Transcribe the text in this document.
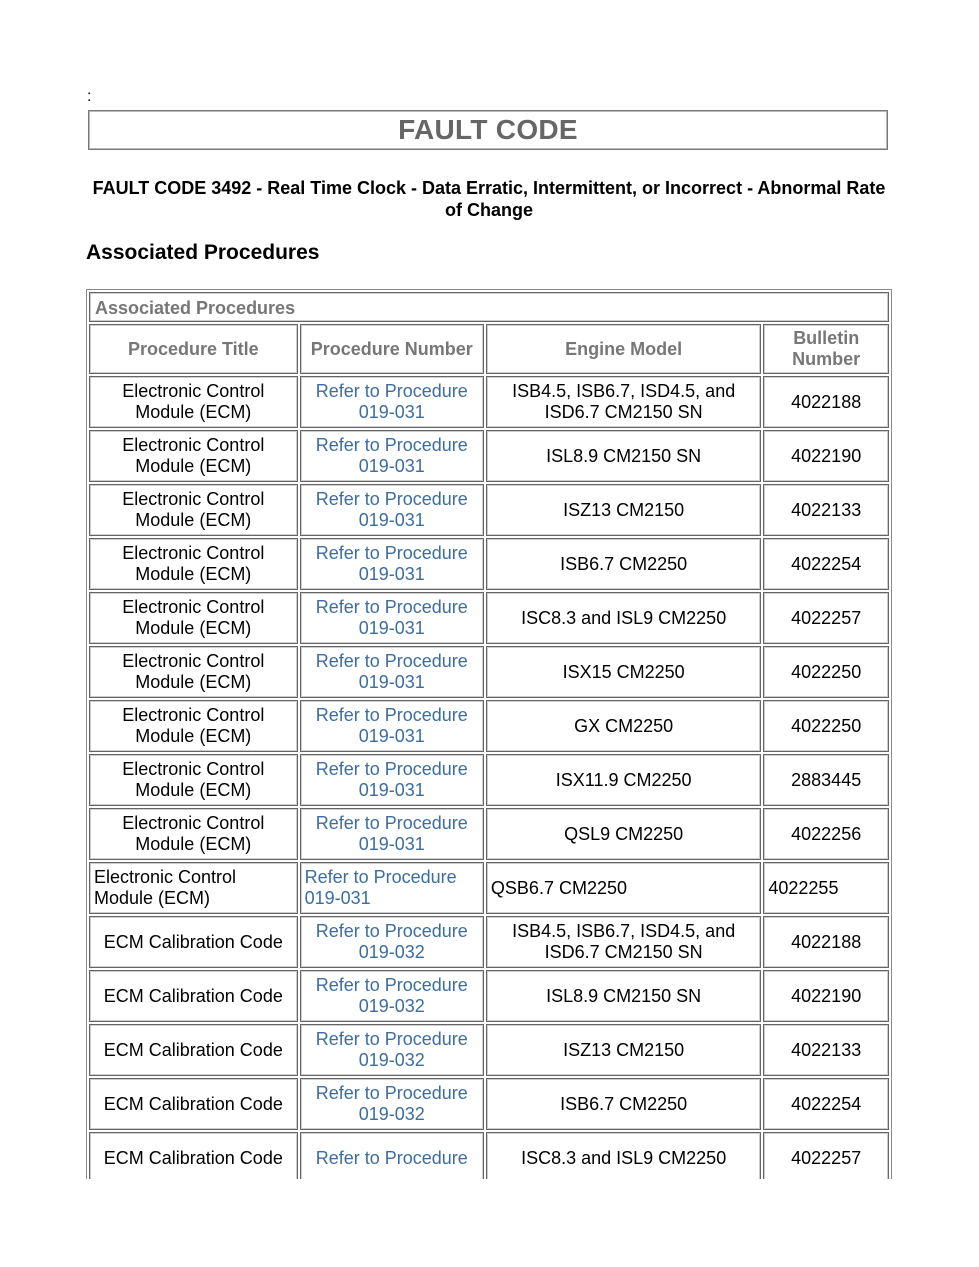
:
FAULT CODE
FAULT CODE 3492 - Real Time Clock - Data Erratic, Intermittent, or Incorrect - Abnormal Rate of Change
Associated Procedures
Associated Procedures			
Procedure Title	Procedure Number	Engine Model	Bulletin Number
Electronic Control Module (ECM)	Refer to Procedure 019-031	ISB4.5, ISB6.7, ISD4.5, and ISD6.7 CM2150 SN	4022188
Electronic Control Module (ECM)	Refer to Procedure 019-031	ISL8.9 CM2150 SN	4022190
Electronic Control Module (ECM)	Refer to Procedure 019-031	ISZ13 CM2150	4022133
Electronic Control Module (ECM)	Refer to Procedure 019-031	ISB6.7 CM2250	4022254
Electronic Control Module (ECM)	Refer to Procedure 019-031	ISC8.3 and ISL9 CM2250	4022257
Electronic Control Module (ECM)	Refer to Procedure 019-031	ISX15 CM2250	4022250
Electronic Control Module (ECM)	Refer to Procedure 019-031	GX CM2250	4022250
Electronic Control Module (ECM)	Refer to Procedure 019-031	ISX11.9 CM2250	2883445
Electronic Control Module (ECM)	Refer to Procedure 019-031	QSL9 CM2250	4022256
Electronic Control Module (ECM)	Refer to Procedure 019-031	QSB6.7 CM2250	4022255
ECM Calibration Code	Refer to Procedure 019-032	ISB4.5, ISB6.7, ISD4.5, and ISD6.7 CM2150 SN	4022188
ECM Calibration Code	Refer to Procedure 019-032	ISL8.9 CM2150 SN	4022190
ECM Calibration Code	Refer to Procedure 019-032	ISZ13 CM2150	4022133
ECM Calibration Code	Refer to Procedure 019-032	ISB6.7 CM2250	4022254
ECM Calibration Code	Refer to Procedure	ISC8.3 and ISL9 CM2250	4022257
